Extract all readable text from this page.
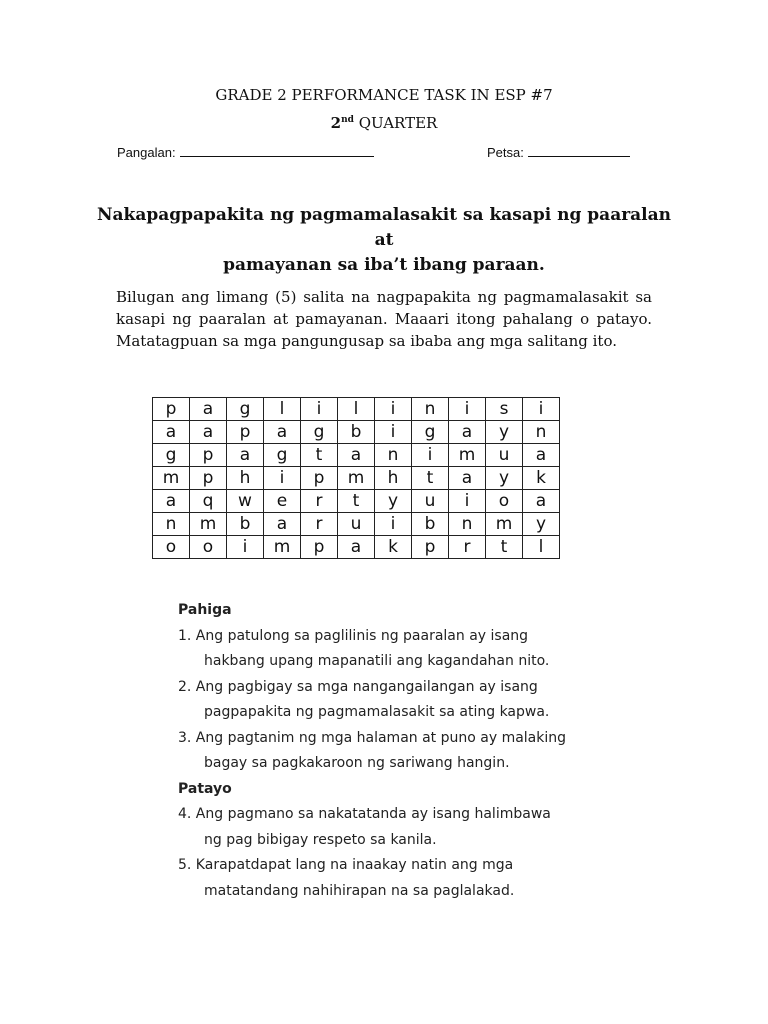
GRADE 2 PERFORMANCE TASK IN ESP #7
2nd QUARTER
Pangalan:	Petsa:
Nakapagpapakita ng pagmamalasakit sa kasapi ng paaralan at
pamayanan sa iba’t ibang paraan.
Bilugan ang limang (5) salita na nagpapakita ng pagmamalasakit sa kasapi ng paaralan at pamayanan. Maaari itong pahalang o patayo. Matatagpuan sa mga pangungusap sa ibaba ang mga salitang ito.
p	a	g	l	i	l	i	n	i	s	i
a	a	p	a	g	b	i	g	a	y	n
g	p	a	g	t	a	n	i	m	u	a
m	p	h	i	p	m	h	t	a	y	k
a	q	w	e	r	t	y	u	i	o	a
n	m	b	a	r	u	i	b	n	m	y
o	o	i	m	p	a	k	p	r	t	l
Pahiga
1. Ang patulong sa paglilinis ng paaralan ay isang
hakbang upang mapanatili ang kagandahan nito.
2. Ang pagbigay sa mga nangangailangan ay isang
pagpapakita ng pagmamalasakit sa ating kapwa.
3. Ang pagtanim ng mga halaman at puno ay malaking
bagay sa pagkakaroon ng sariwang hangin.
Patayo
4. Ang pagmano sa nakatatanda ay isang halimbawa
ng pag bibigay respeto sa kanila.
5. Karapatdapat lang na inaakay natin ang mga
matatandang nahihirapan na sa paglalakad.
